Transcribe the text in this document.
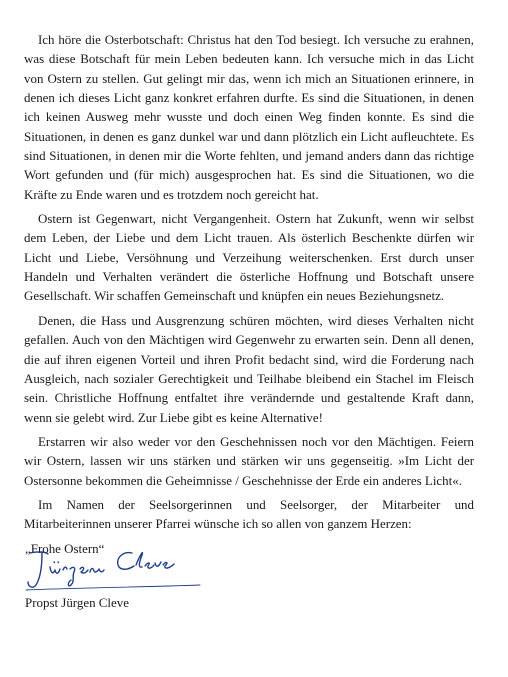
Ich höre die Osterbotschaft: Christus hat den Tod besiegt. Ich versuche zu erahnen, was diese Botschaft für mein Leben bedeuten kann. Ich versuche mich in das Licht von Ostern zu stellen. Gut gelingt mir das, wenn ich mich an Situationen erinnere, in denen ich dieses Licht ganz konkret erfahren durfte. Es sind die Situationen, in denen ich keinen Ausweg mehr wusste und doch einen Weg finden konnte. Es sind die Situationen, in denen es ganz dunkel war und dann plötzlich ein Licht aufleuchtete. Es sind Situationen, in denen mir die Worte fehlten, und jemand anders dann das richtige Wort gefunden und (für mich) ausgesprochen hat. Es sind die Situationen, wo die Kräfte zu Ende waren und es trotzdem noch gereicht hat.

Ostern ist Gegenwart, nicht Vergangenheit. Ostern hat Zukunft, wenn wir selbst dem Leben, der Liebe und dem Licht trauen. Als österlich Beschenkte dürfen wir Licht und Liebe, Versöhnung und Verzeihung weiterschenken. Erst durch unser Handeln und Verhalten verändert die österliche Hoffnung und Botschaft unsere Gesellschaft. Wir schaffen Gemeinschaft und knüpfen ein neues Beziehungsnetz.

Denen, die Hass und Ausgrenzung schüren möchten, wird dieses Verhalten nicht gefallen. Auch von den Mächtigen wird Gegenwehr zu erwarten sein. Denn all denen, die auf ihren eigenen Vorteil und ihren Profit bedacht sind, wird die Forderung nach Ausgleich, nach sozialer Gerechtigkeit und Teilhabe bleibend ein Stachel im Fleisch sein. Christliche Hoffnung entfaltet ihre verändernde und gestaltende Kraft dann, wenn sie gelebt wird. Zur Liebe gibt es keine Alternative!

Erstarren wir also weder vor den Geschehnissen noch vor den Mächtigen. Feiern wir Ostern, lassen wir uns stärken und stärken wir uns gegenseitig. »Im Licht der Ostersonne bekommen die Geheimnisse / Geschehnisse der Erde ein anderes Licht«.

Im Namen der Seelsorgerinnen und Seelsorger, der Mitarbeiter und Mitarbeiterinnen unserer Pfarrei wünsche ich so allen von ganzem Herzen:

„Frohe Ostern“
Propst Jürgen Cleve
